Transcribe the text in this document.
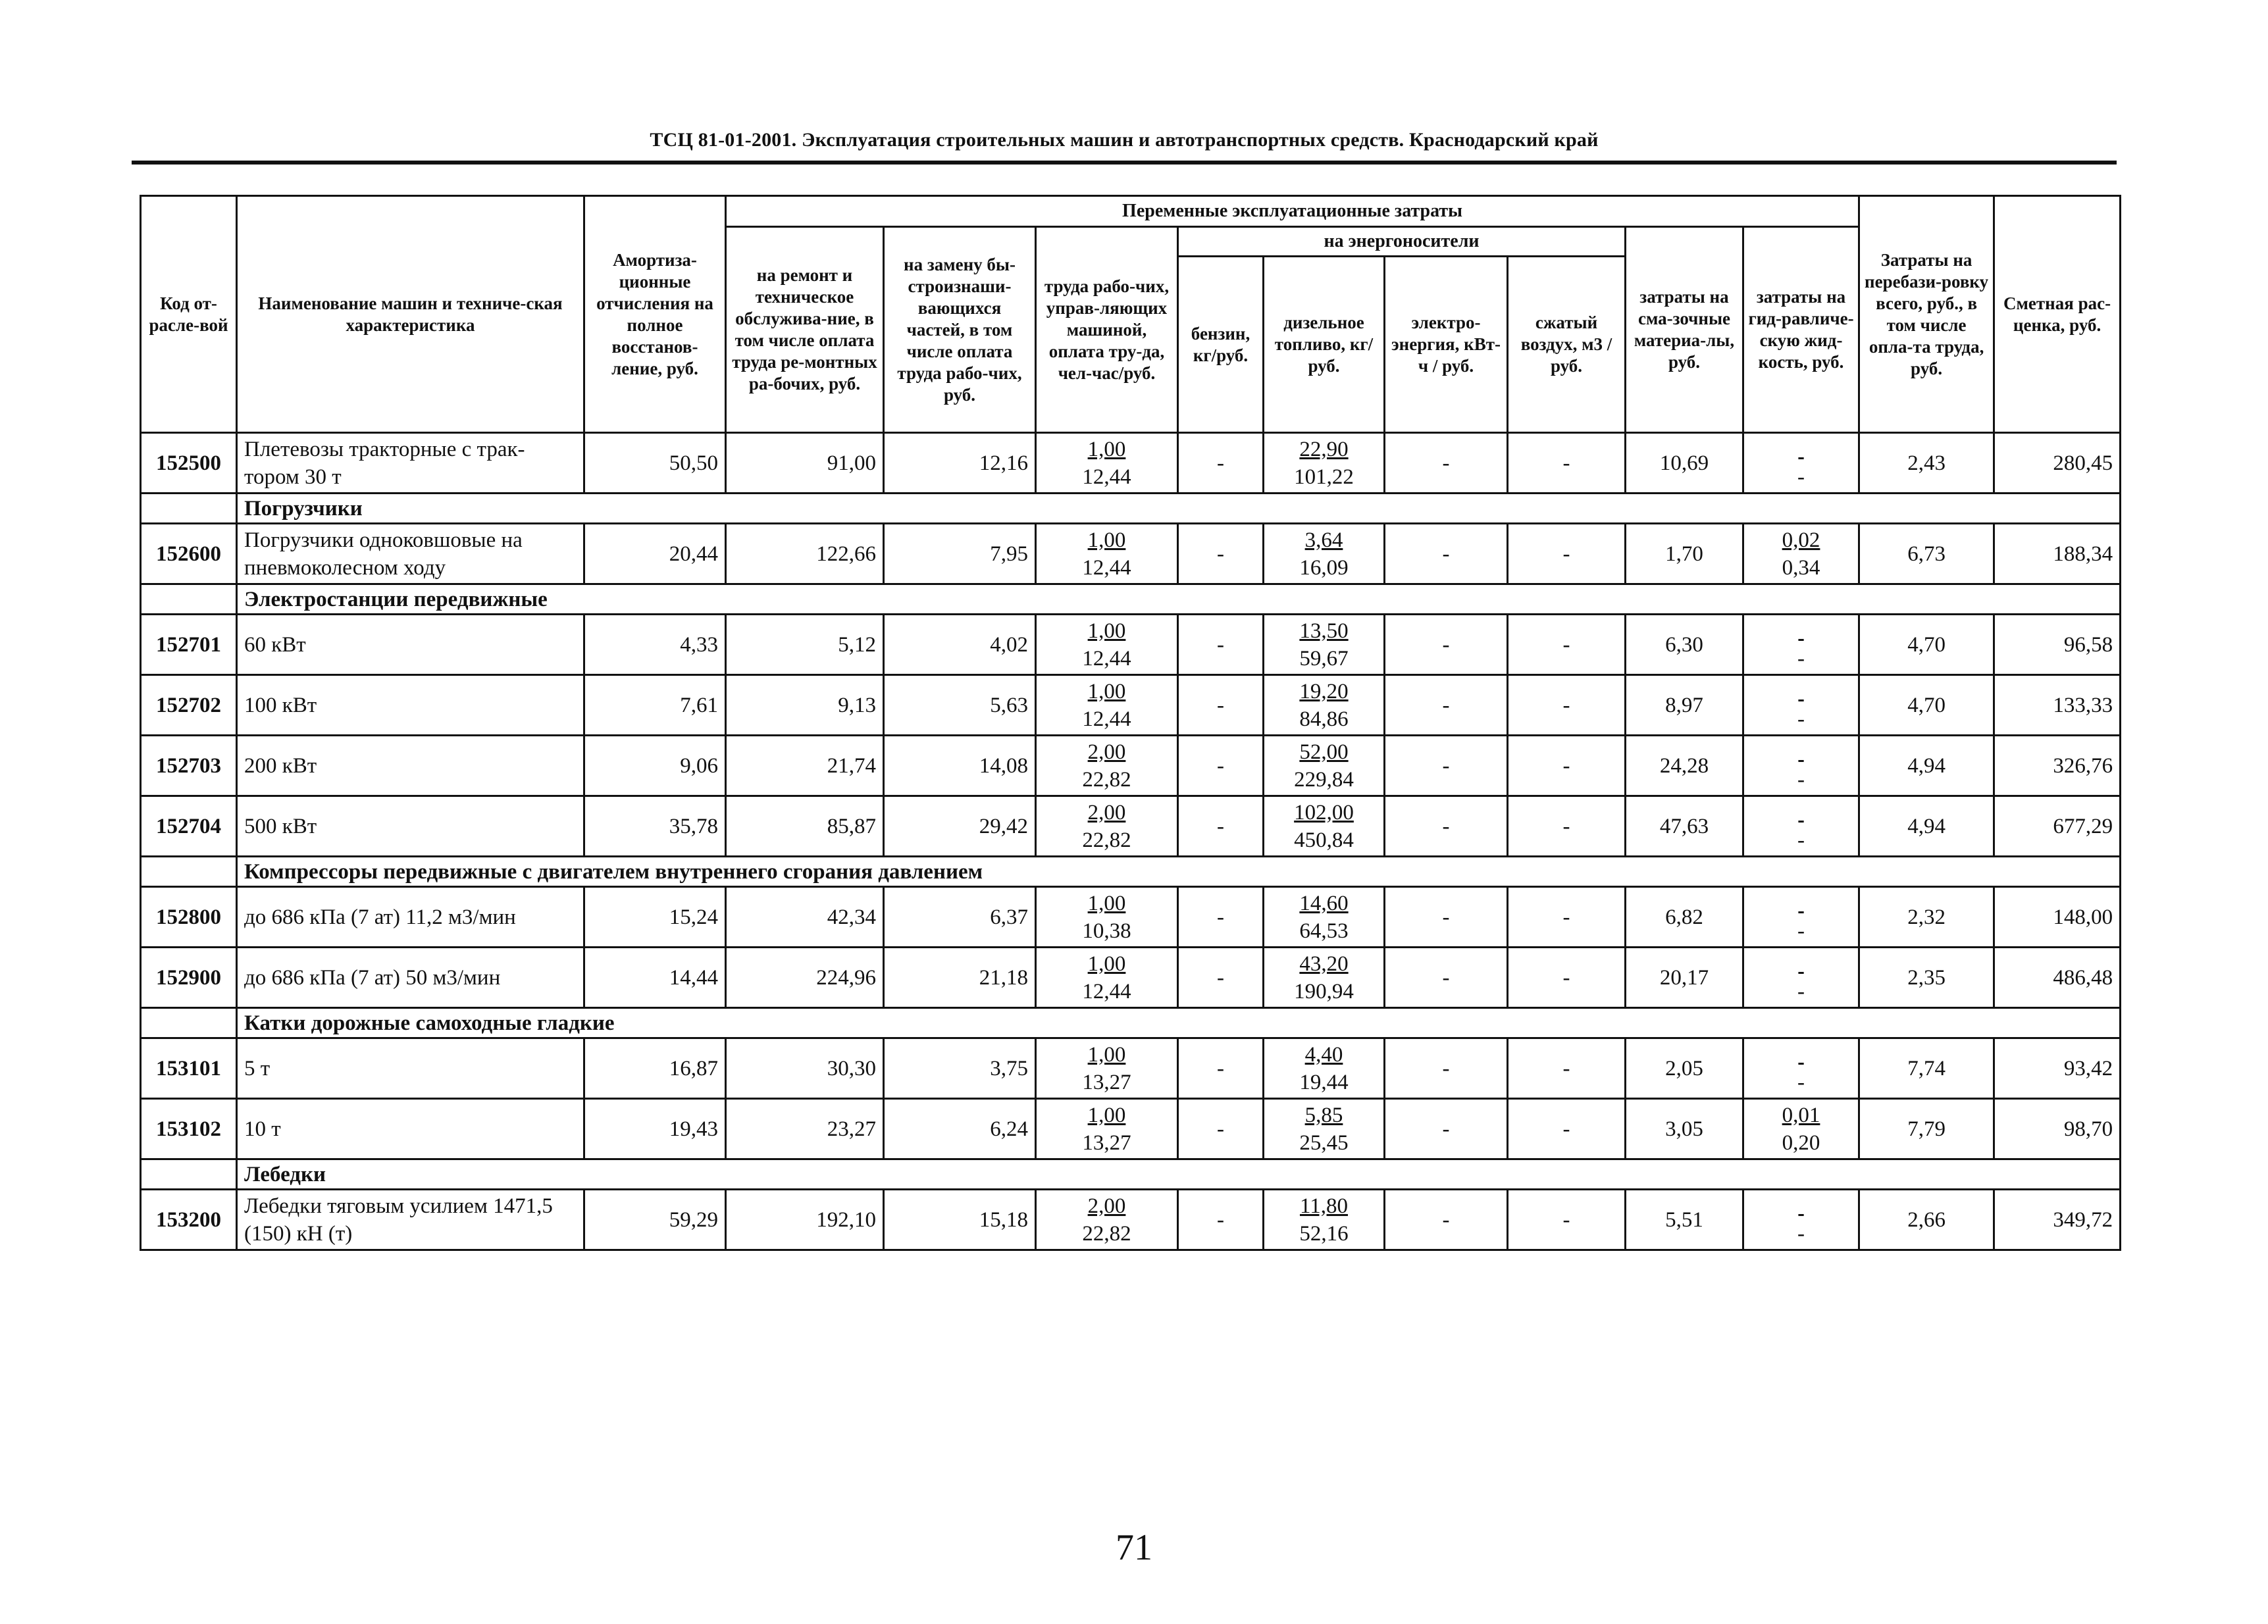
ТСЦ 81-01-2001. Эксплуатация строительных машин и автотранспортных средств. Краснодарский край
Код от-расле-вой	Наименование машин и техниче-ская характеристика	Амортиза-ционные отчисления на полное восстанов-ление, руб.	Переменные эксплуатационные затраты									Затраты на перебази-ровку всего, руб., в том числе опла-та труда, руб.	Сметная рас-ценка, руб.
			на ремонт и техническое обслужива-ние, в том числе оплата труда ре-монтных ра-бочих, руб.	на замену бы-строизнаши-вающихся частей, в том числе оплата труда рабо-чих, руб.	труда рабо-чих, управ-ляющих машиной, оплата тру-да, чел-час/руб.	на энергоносители				затраты на сма-зочные материа-лы, руб.	затраты на гид-равличе-скую жид-кость, руб.		
						бензин, кг/руб.	дизельное топливо, кг/руб.	электро-энергия, кВт-ч / руб.	сжатый воздух, м3 / руб.				
152500	Плетевозы тракторные с трак-тором 30 т	50,50	91,00	12,16	$\frac{1,00}{12,44}$	-	$\frac{22,90}{101,22}$	-	-	10,69	-	2,43	280,45
	Погрузчики												
152600	Погрузчики одноковшовые на пневмоколесном ходу	20,44	122,66	7,95	$\frac{1,00}{12,44}$	-	$\frac{3,64}{16,09}$	-	-	1,70	$\frac{0,02}{0,34}$	6,73	188,34
	Электростанции передвижные												
152701	60 кВт	4,33	5,12	4,02	$\frac{1,00}{12,44}$	-	$\frac{13,50}{59,67}$	-	-	6,30	-	4,70	96,58
152702	100 кВт	7,61	9,13	5,63	$\frac{1,00}{12,44}$	-	$\frac{19,20}{84,86}$	-	-	8,97	-	4,70	133,33
152703	200 кВт	9,06	21,74	14,08	$\frac{2,00}{22,82}$	-	$\frac{52,00}{229,84}$	-	-	24,28	-	4,94	326,76
152704	500 кВт	35,78	85,87	29,42	$\frac{2,00}{22,82}$	-	$\frac{102,00}{450,84}$	-	-	47,63	-	4,94	677,29
	Компрессоры передвижные с двигателем внутреннего сгорания давлением												
152800	до 686 кПа (7 ат) 11,2 м3/мин	15,24	42,34	6,37	$\frac{1,00}{10,38}$	-	$\frac{14,60}{64,53}$	-	-	6,82	-	2,32	148,00
152900	до 686 кПа (7 ат) 50 м3/мин	14,44	224,96	21,18	$\frac{1,00}{12,44}$	-	$\frac{43,20}{190,94}$	-	-	20,17	-	2,35	486,48
	Катки дорожные самоходные гладкие												
153101	5 т	16,87	30,30	3,75	$\frac{1,00}{13,27}$	-	$\frac{4,40}{19,44}$	-	-	2,05	-	7,74	93,42
153102	10 т	19,43	23,27	6,24	$\frac{1,00}{13,27}$	-	$\frac{5,85}{25,45}$	-	-	3,05	$\frac{0,01}{0,20}$	7,79	98,70
	Лебедки												
153200	Лебедки тяговым усилием 1471,5 (150) кН (т)	59,29	192,10	15,18	$\frac{2,00}{22,82}$	-	$\frac{11,80}{52,16}$	-	-	5,51	-	2,66	349,72
71
